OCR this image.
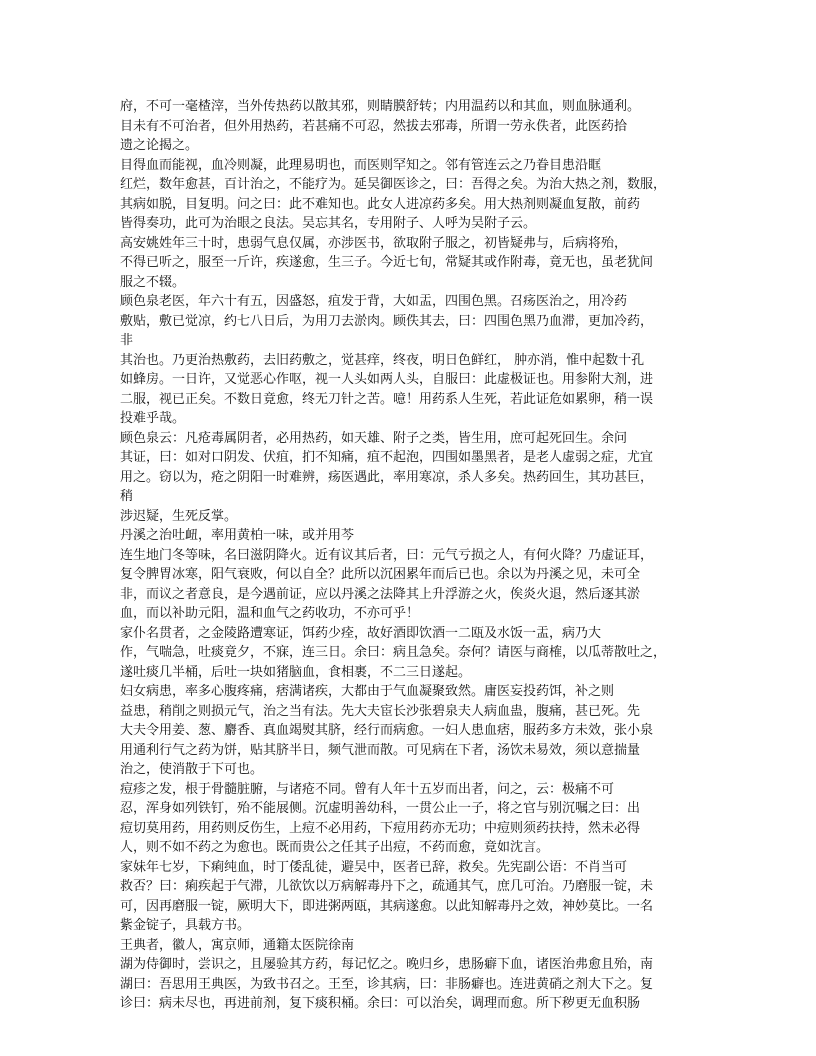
府，不可一毫楂滓，当外传热药以散其邪，则睛膜舒转；内用温药以和其血，则血脉通利。
目未有不可治者，但外用热药，若甚痛不可忍，然拔去邪毒，所谓一劳永佚者，此医药拾
遗之论揭之。
目得血而能视，血冷则凝，此理易明也，而医则罕知之。邻有管连云之乃眷目患沿眶
红烂，数年愈甚，百计治之，不能疗为。延吴御医诊之，曰：吾得之矣。为治大热之剂，数服，
其病如脱，目复明。问之曰：此不难知也。此女人进凉药多矣。用大热剂则凝血复散，前药
皆得奏功，此可为治眼之良法。吴忘其名，专用附子、人呼为吴附子云。
高安姚姓年三十时，患弱气息仅属，亦涉医书，欲取附子服之，初皆疑弗与，后病将殆，
不得已听之，服至一斤许，疾遂愈，生三子。今近七旬，常疑其或作附毒，竟无也，虽老犹间
服之不辍。
顾色泉老医，年六十有五，因盛怒，疽发于背，大如盂，四围色黑。召疡医治之，用冷药
敷贴，敷已觉凉，约七八日后，为用刀去淤肉。顾佚其去，曰：四围色黑乃血滞，更加冷药，
非
其治也。乃更治热敷药，去旧药敷之，觉甚痒，终夜，明日色鲜红， 肿亦消，惟中起数十孔
如蜂房。一日许，又觉恶心作呕，视一人头如两人头，自服曰：此虚极证也。用参附大剂，进
二服，视已正矣。不数日竟愈，终无刀针之苦。噫！用药系人生死，若此证危如累卵，稍一误
投难乎哉。
顾色泉云：凡疮毒属阴者，必用热药，如天雄、附子之类，皆生用，庶可起死回生。余问
其证，曰：如对口阴发、伏疽，扪不知痛，疽不起泡，四围如墨黑者，是老人虚弱之症，尤宜
用之。窃以为，疮之阴阳一时难辨，疡医遇此，率用寒凉，杀人多矣。热药回生，其功甚巨，
稍
涉迟疑，生死反掌。
丹溪之治吐衄，率用黄柏一味，或并用芩
连生地门冬等味，名曰滋阴降火。近有议其后者，曰：元气亏损之人，有何火降？乃虚证耳，
复令脾胃冰寒，阳气衰败，何以自全？此所以沉困累年而后已也。余以为丹溪之见，未可全
非，而议之者意良，是今遇前证，应以丹溪之法降其上升浮游之火，俟炎火退，然后逐其淤
血，而以补助元阳，温和血气之药收功，不亦可乎！
家仆名贯者，之金陵路遭寒证，饵药少痊，故好酒即饮酒一二瓯及水饭一盂，病乃大
作，气喘急，吐痰竟夕，不寐，连三日。余曰：病且急矣。奈何？请医与商榷，以瓜蒂散吐之，
遂吐痰几半桶，后吐一块如猪脑血，食相裹，不二三日遂起。
妇女病患，率多心腹疼痛，痞满诸疾，大都由于气血凝聚致然。庸医妄投药饵，补之则
益患，稍削之则损元气，治之当有法。先大夫宦长沙张碧泉夫人病血蛊，腹痛，甚已死。先
大夫令用姜、葱、麝香、真血竭熨其脐，经行而病愈。一妇人患血痞，服药多方未效，张小泉
用通利行气之药为饼，贴其脐半日，频气泄而散。可见病在下者，汤饮未易效，须以意揣量
治之，使消散于下可也。
痘疹之发，根于骨髓脏腑，与诸疮不同。曾有人年十五岁而出者，问之，云：极痛不可
忍，浑身如列铁钉，殆不能展侧。沉虚明善幼科，一贯公止一子，将之官与别沉嘱之曰：出
痘切莫用药，用药则反伤生，上痘不必用药，下痘用药亦无功；中痘则须药扶持，然未必得
人，则不如不药之为愈也。既而贵公之任其子出痘，不药而愈，竟如沈言。
家妹年七岁，下痢纯血，时丁倭乱徒，避吴中，医者已辞，救矣。先宪副公语：不肖当可
救否？曰：痢疾起于气滞，儿欲饮以万病解毒丹下之，疏通其气，庶几可治。乃磨服一锭，未
可，因再磨服一锭，厥明大下，即进粥两瓯，其病遂愈。以此知解毒丹之效，神妙莫比。一名
紫金锭子，具载方书。
王典者，徽人，寓京师，通籍太医院徐南
湖为侍御时，尝识之，且屡验其方药，每记忆之。晚归乡，患肠癖下血，诸医治弗愈且殆，南
湖曰：吾思用王典医，为致书召之。王至，诊其病，曰：非肠癖也。连进黄硝之剂大下之。复
诊曰：病未尽也，再进前剂，复下痰积桶。余曰：可以治矣，调理而愈。所下秽更无血积肠
